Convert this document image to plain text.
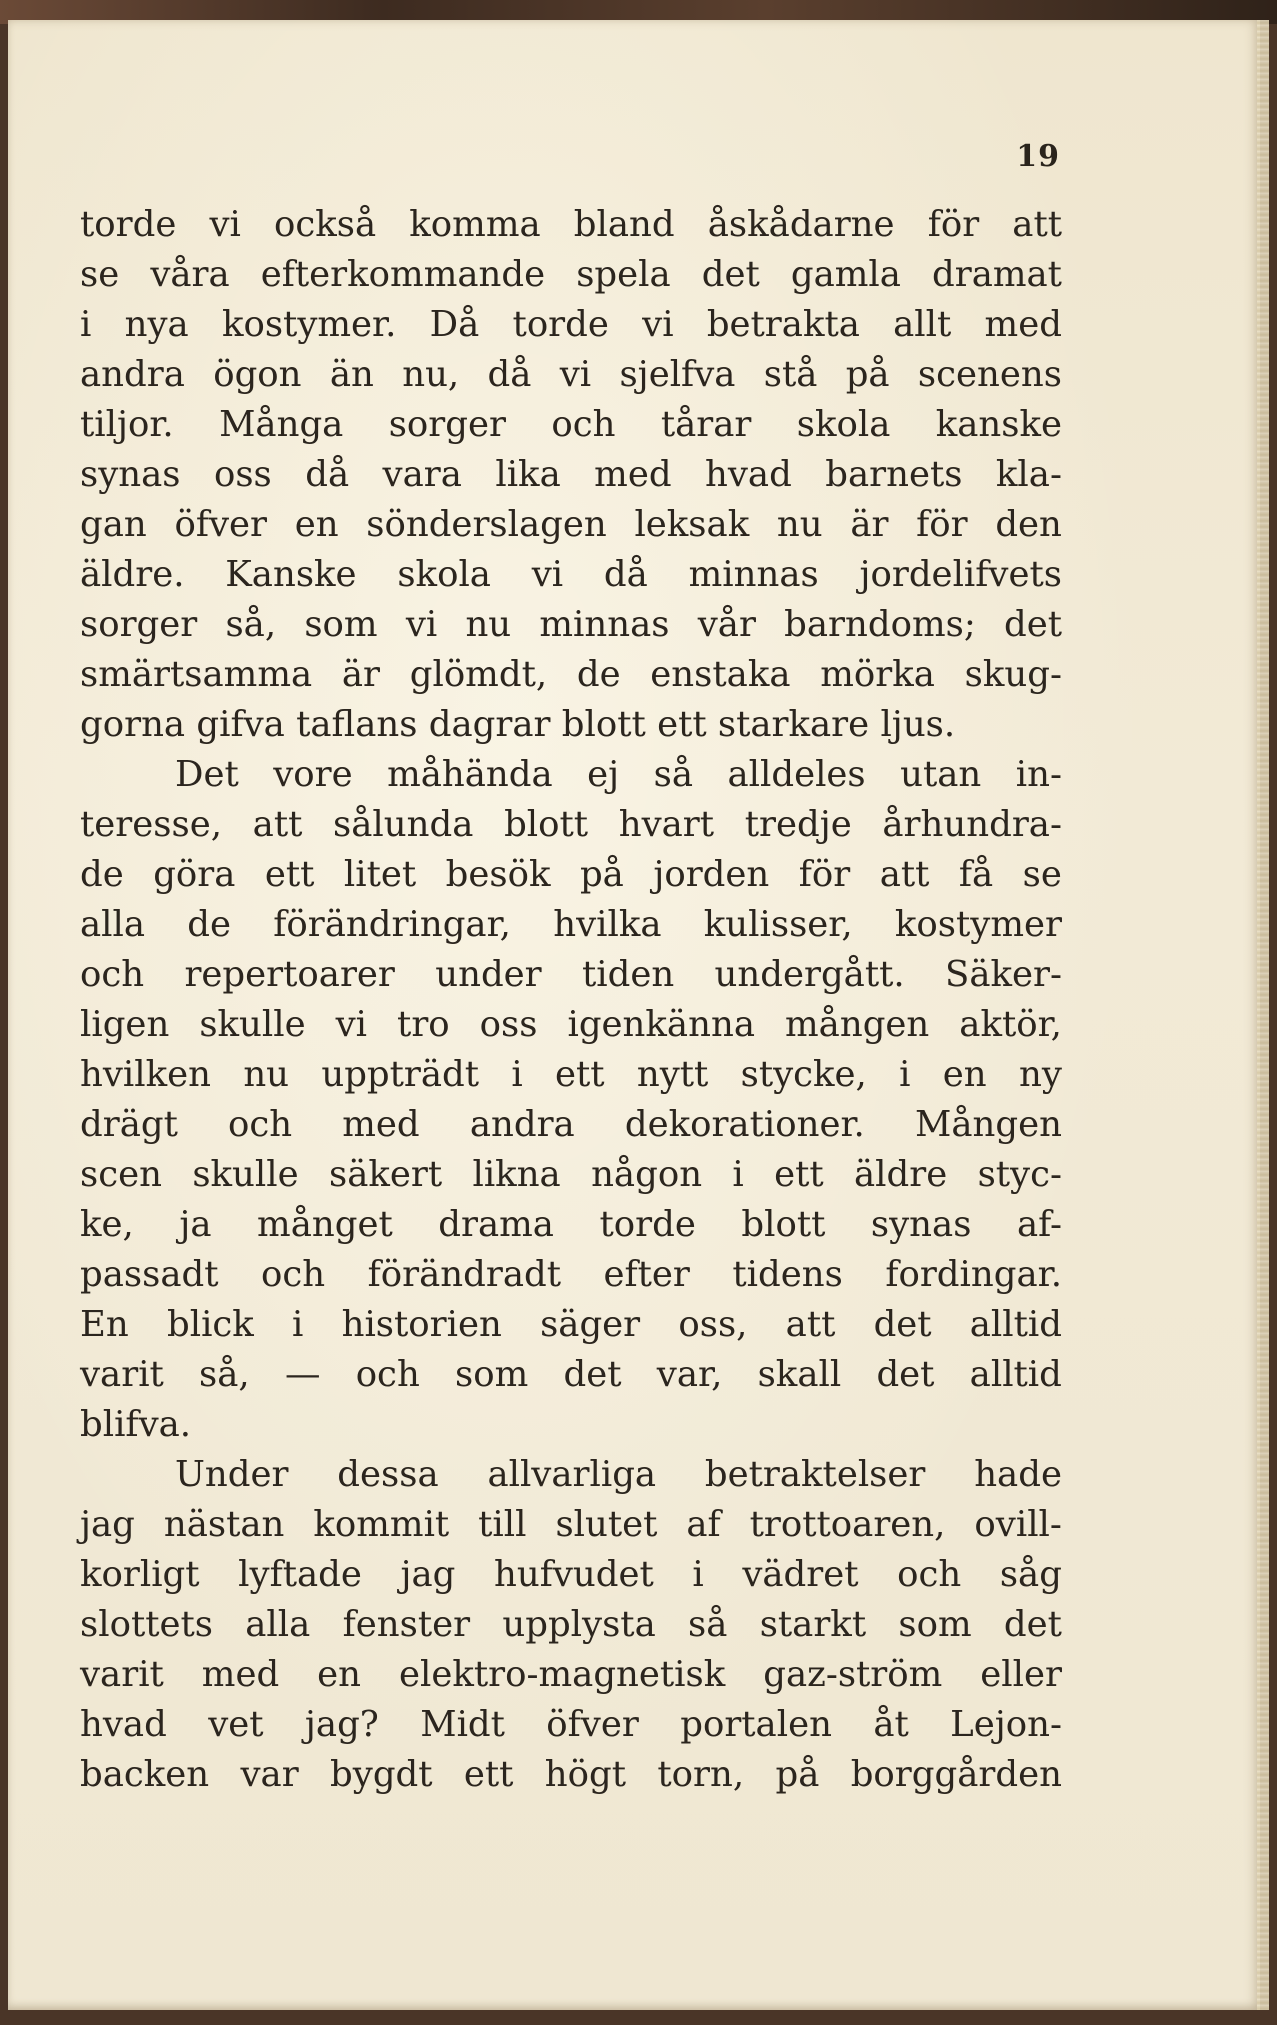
19
torde vi också komma bland åskådarne för att
se våra efterkommande spela det gamla dramat
i nya kostymer. Då torde vi betrakta allt med
andra ögon än nu, då vi sjelfva stå på scenens
tiljor. Många sorger och tårar skola kanske
synas oss då vara lika med hvad barnets kla-
gan öfver en sönderslagen leksak nu är för den
äldre. Kanske skola vi då minnas jordelifvets
sorger så, som vi nu minnas vår barndoms; det
smärtsamma är glömdt, de enstaka mörka skug-
gorna gifva taflans dagrar blott ett starkare ljus.
Det vore måhända ej så alldeles utan in-
teresse, att sålunda blott hvart tredje århundra-
de göra ett litet besök på jorden för att få se
alla de förändringar, hvilka kulisser, kostymer
och repertoarer under tiden undergått. Säker-
ligen skulle vi tro oss igenkänna mången aktör,
hvilken nu uppträdt i ett nytt stycke, i en ny
drägt och med andra dekorationer. Mången
scen skulle säkert likna någon i ett äldre styc-
ke, ja månget drama torde blott synas af-
passadt och förändradt efter tidens fordingar.
En blick i historien säger oss, att det alltid
varit så, — och som det var, skall det alltid
blifva.
Under dessa allvarliga betraktelser hade
jag nästan kommit till slutet af trottoaren, ovill-
korligt lyftade jag hufvudet i vädret och såg
slottets alla fenster upplysta så starkt som det
varit med en elektro-magnetisk gaz-ström eller
hvad vet jag? Midt öfver portalen åt Lejon-
backen var bygdt ett högt torn, på borggården
